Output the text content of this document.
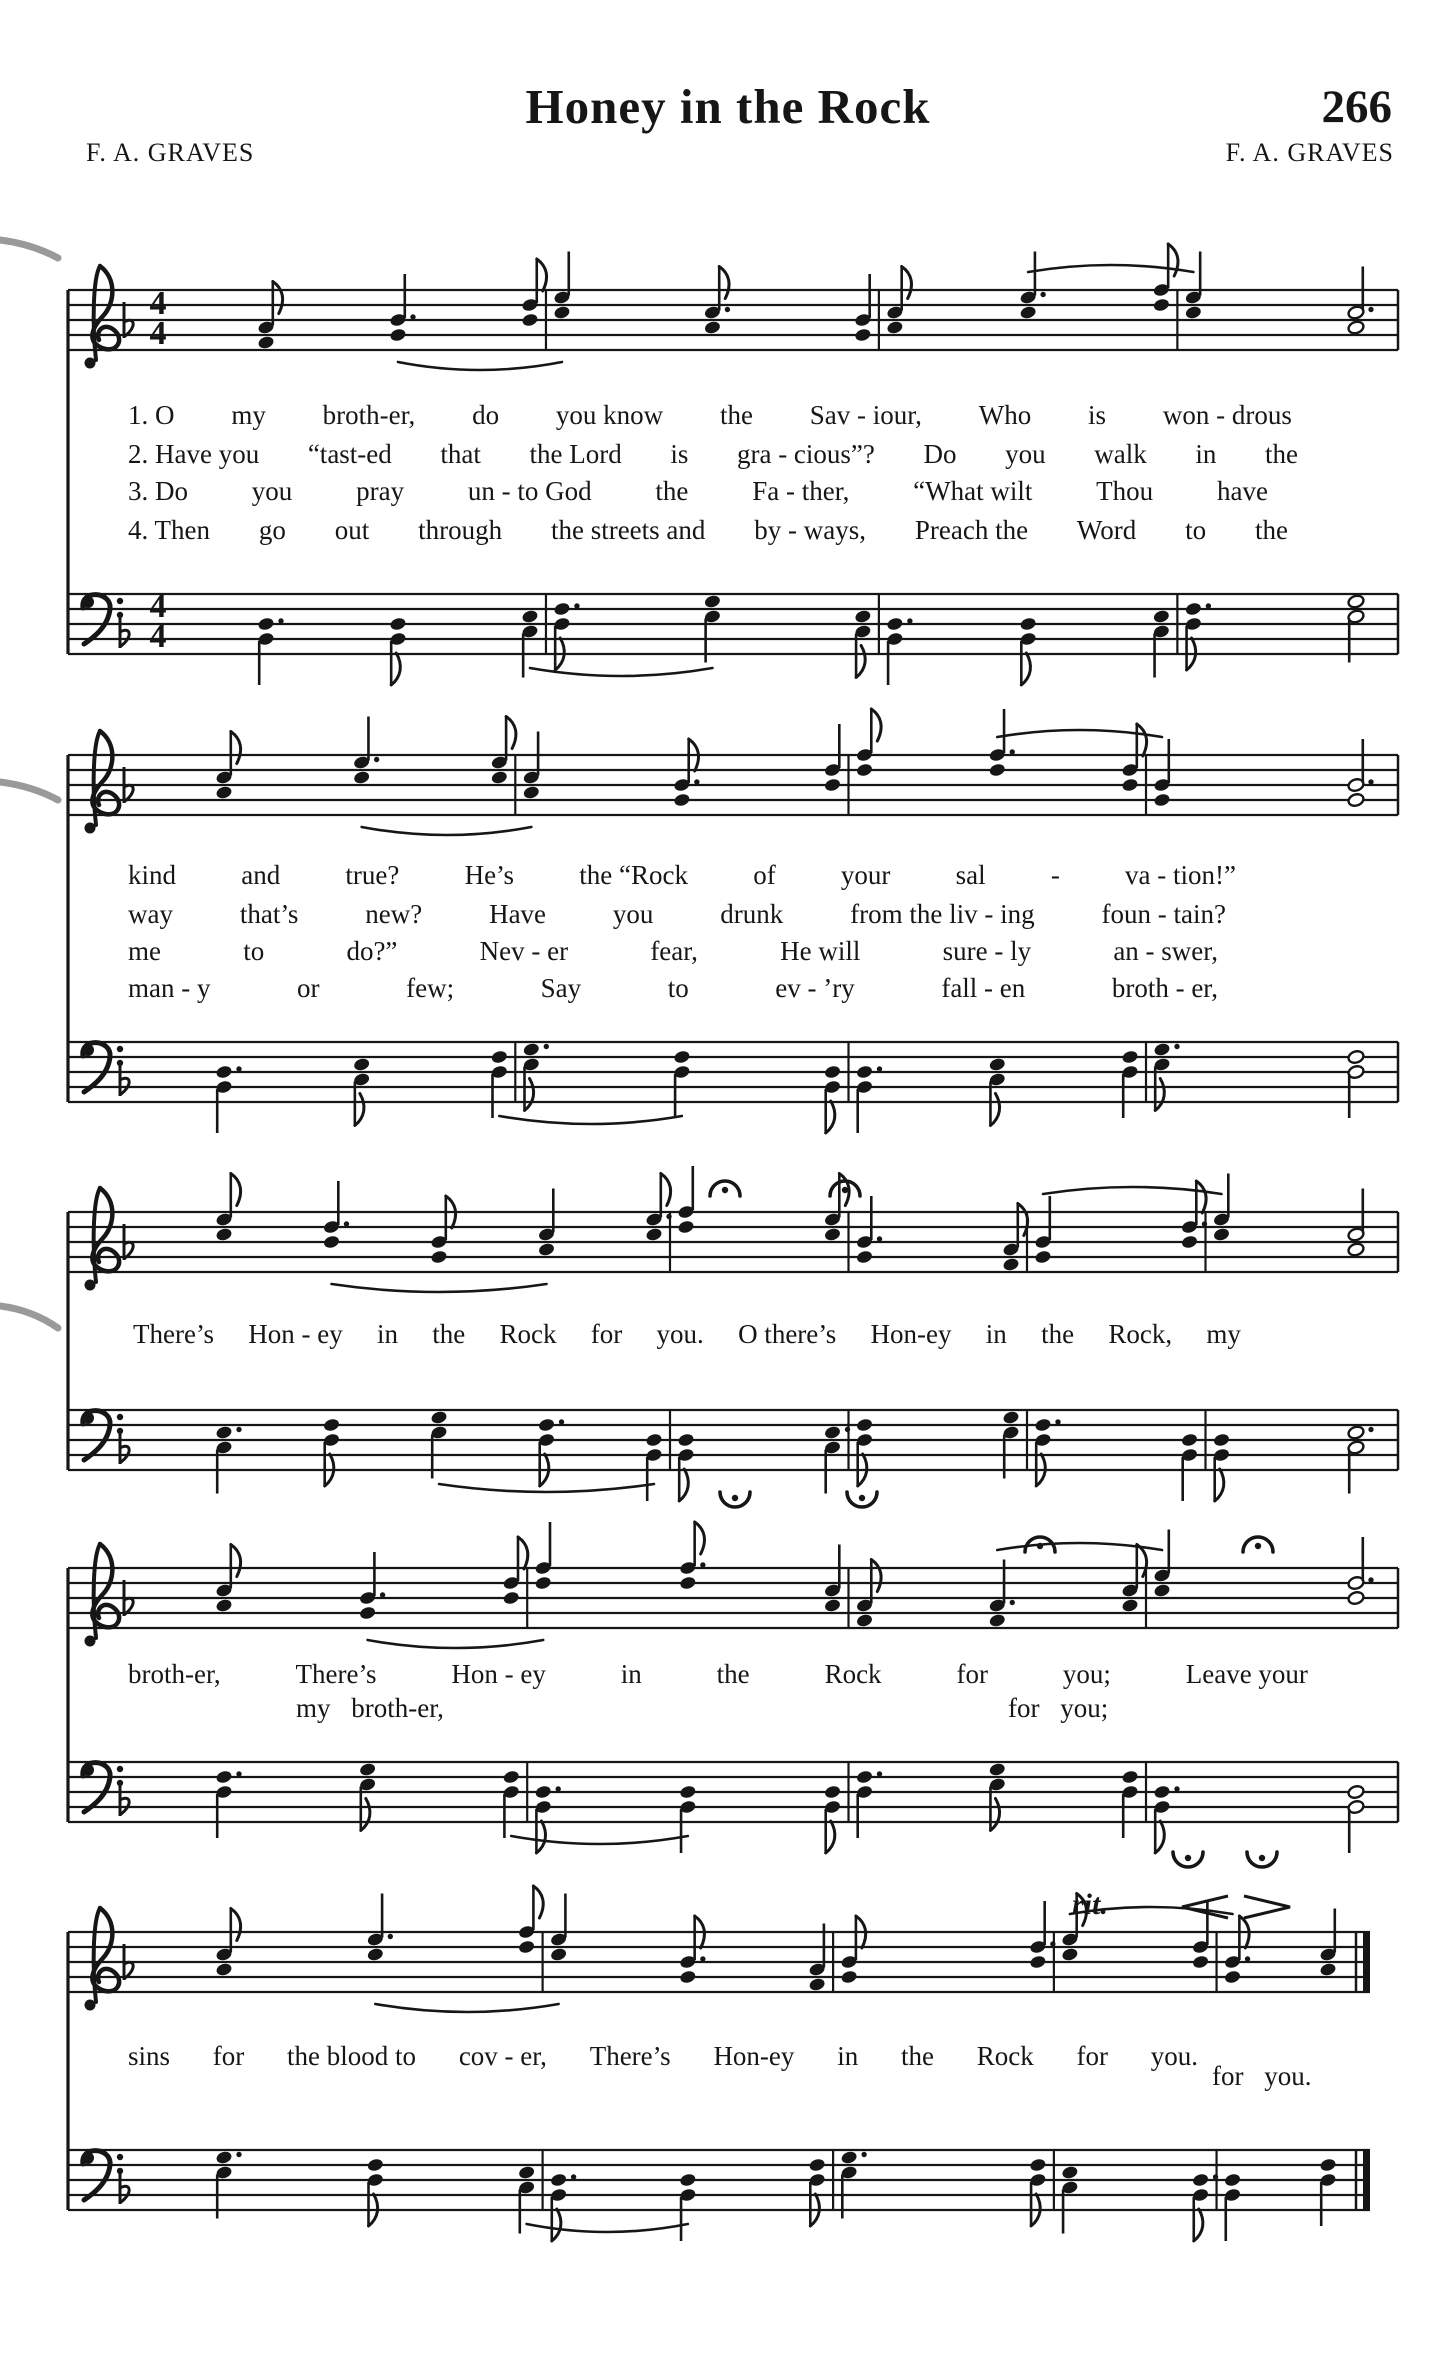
Honey in the Rock	266
F. A. GRAVES	F. A. GRAVES
4
4
4
4
1. O my broth-er, do you know the Sav - iour, Who is won - drous
2. Have you “tast-ed that the Lord is gra - cious”? Do you walk in the
3. Do you pray un - to God the Fa - ther, “What wilt Thou have
4. Then go out through the streets and by - ways, Preach the Word to the
kind and true? He’s the “Rock of your sal - va - tion!”
way that’s new? Have you drunk from the liv - ing foun - tain?
me	to	do?”	Nev - er	fear,	He will	sure - ly	an - swer,
man - y	or	few;	Say	to	ev - ’ry	fall - en	broth - er,
There’s Hon - ey in the Rock for you. O there’s Hon-ey in the Rock, my
broth-er,	There’s	Hon - ey	in	the	Rock	for	you;	Leave your
my broth-er,	for you;
sins for the blood to cov - er, There’s Hon-ey in the Rock for you.
for you.
rit.
